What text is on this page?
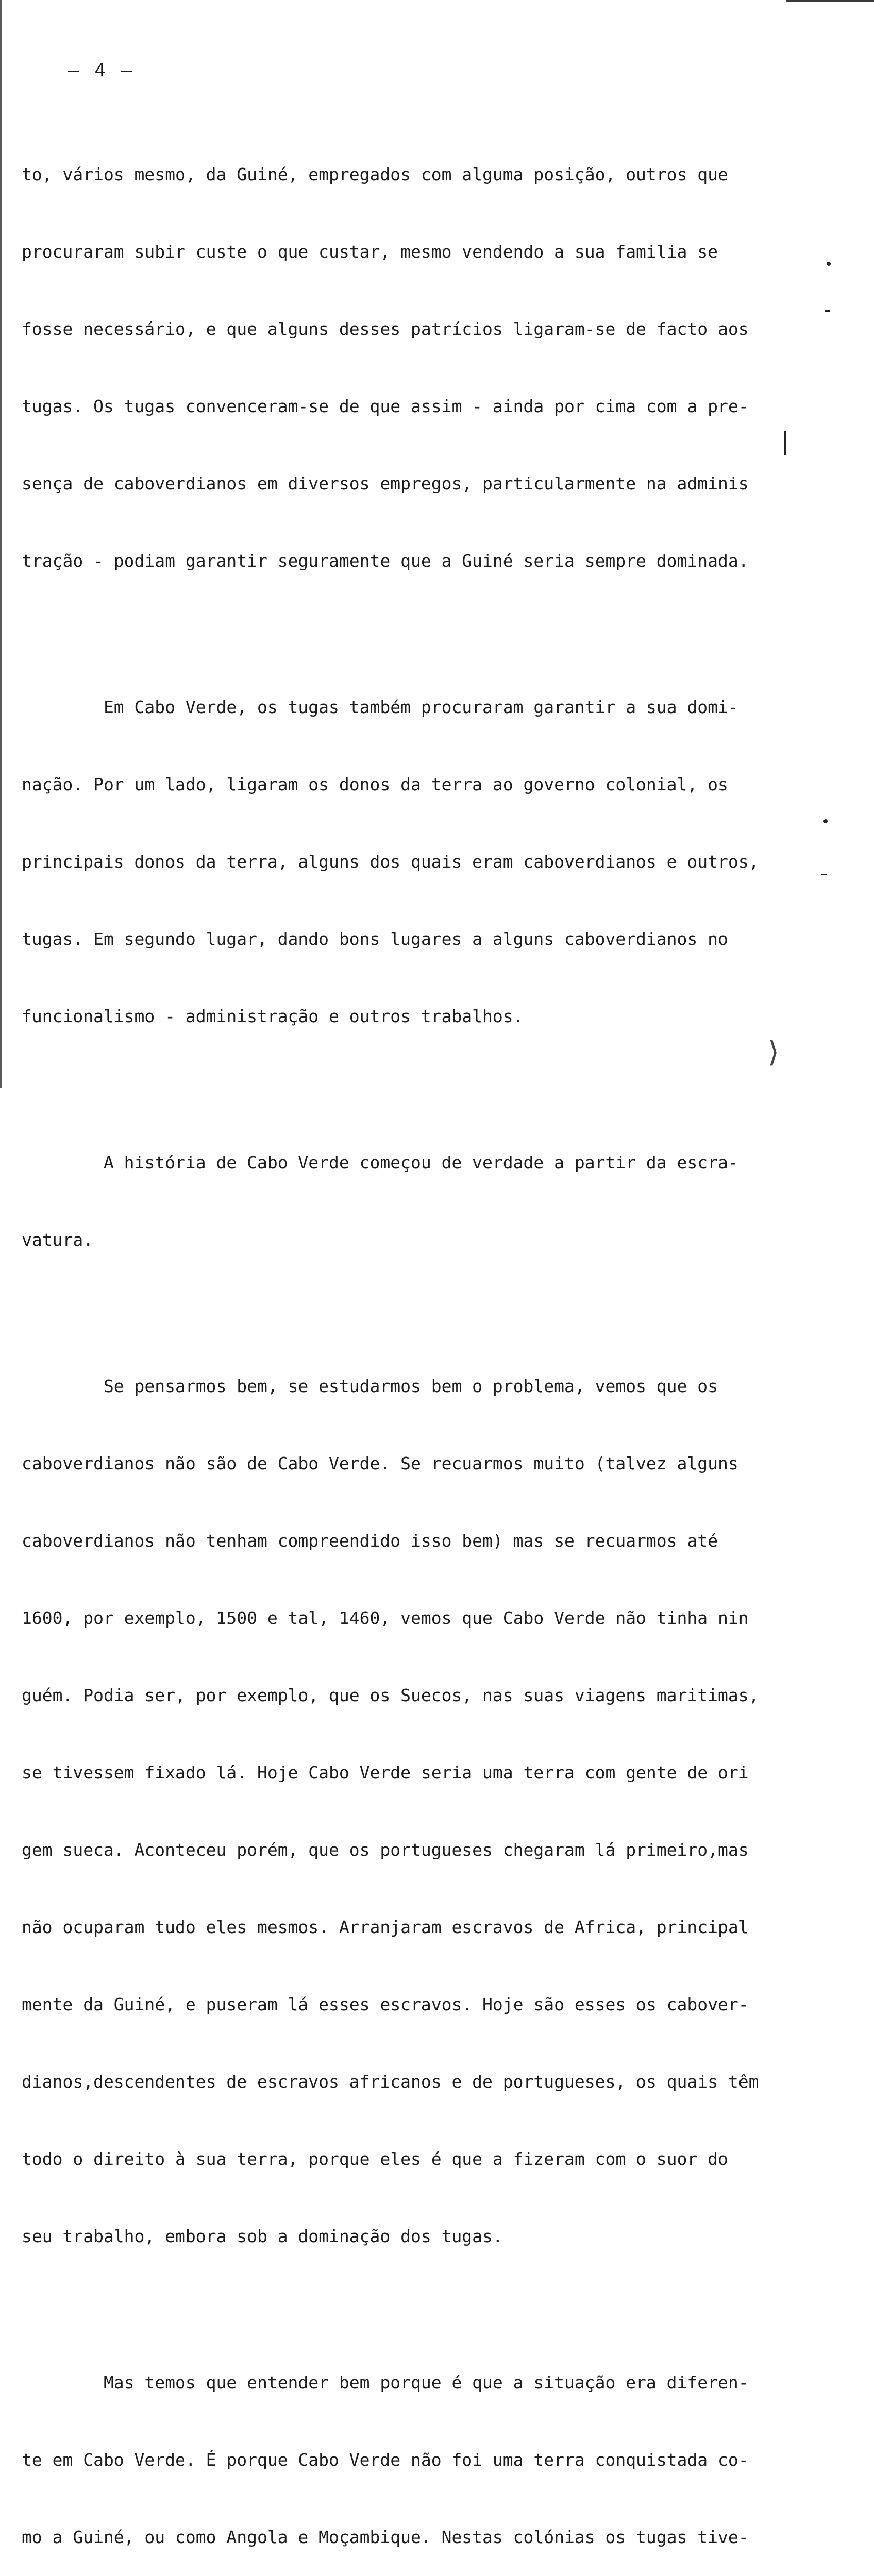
– 4 –

to, vários mesmo, da Guiné, empregados com alguma posição, outros que

procuraram subir custe o que custar, mesmo vendendo a sua familia se

fosse necessário, e que alguns desses patrícios ligaram-se de facto aos

tugas. Os tugas convenceram-se de que assim - ainda por cima com a pre-

sença de caboverdianos em diversos empregos, particularmente na adminis

tração - podiam garantir seguramente que a Guiné seria sempre dominada.

Em Cabo Verde, os tugas também procuraram garantir a sua domi-

nação. Por um lado, ligaram os donos da terra ao governo colonial, os

principais donos da terra, alguns dos quais eram caboverdianos e outros,

tugas. Em segundo lugar, dando bons lugares a alguns caboverdianos no

funcionalismo - administração e outros trabalhos.

A história de Cabo Verde começou de verdade a partir da escra-

vatura.

Se pensarmos bem, se estudarmos bem o problema, vemos que os

caboverdianos não são de Cabo Verde. Se recuarmos muito (talvez alguns

caboverdianos não tenham compreendido isso bem) mas se recuarmos até

1600, por exemplo, 1500 e tal, 1460, vemos que Cabo Verde não tinha nin

guém. Podia ser, por exemplo, que os Suecos, nas suas viagens maritimas,

se tivessem fixado lá. Hoje Cabo Verde seria uma terra com gente de ori

gem sueca. Aconteceu porém, que os portugueses chegaram lá primeiro,mas

não ocuparam tudo eles mesmos. Arranjaram escravos de Africa, principal

mente da Guiné, e puseram lá esses escravos. Hoje são esses os cabover-

dianos,descendentes de escravos africanos e de portugueses, os quais têm

todo o direito à sua terra, porque eles é que a fizeram com o suor do

seu trabalho, embora sob a dominação dos tugas.

Mas temos que entender bem porque é que a situação era diferen-

te em Cabo Verde. É porque Cabo Verde não foi uma terra conquistada co-

mo a Guiné, ou como Angola e Moçambique. Nestas colónias os tugas tive-

⟩
